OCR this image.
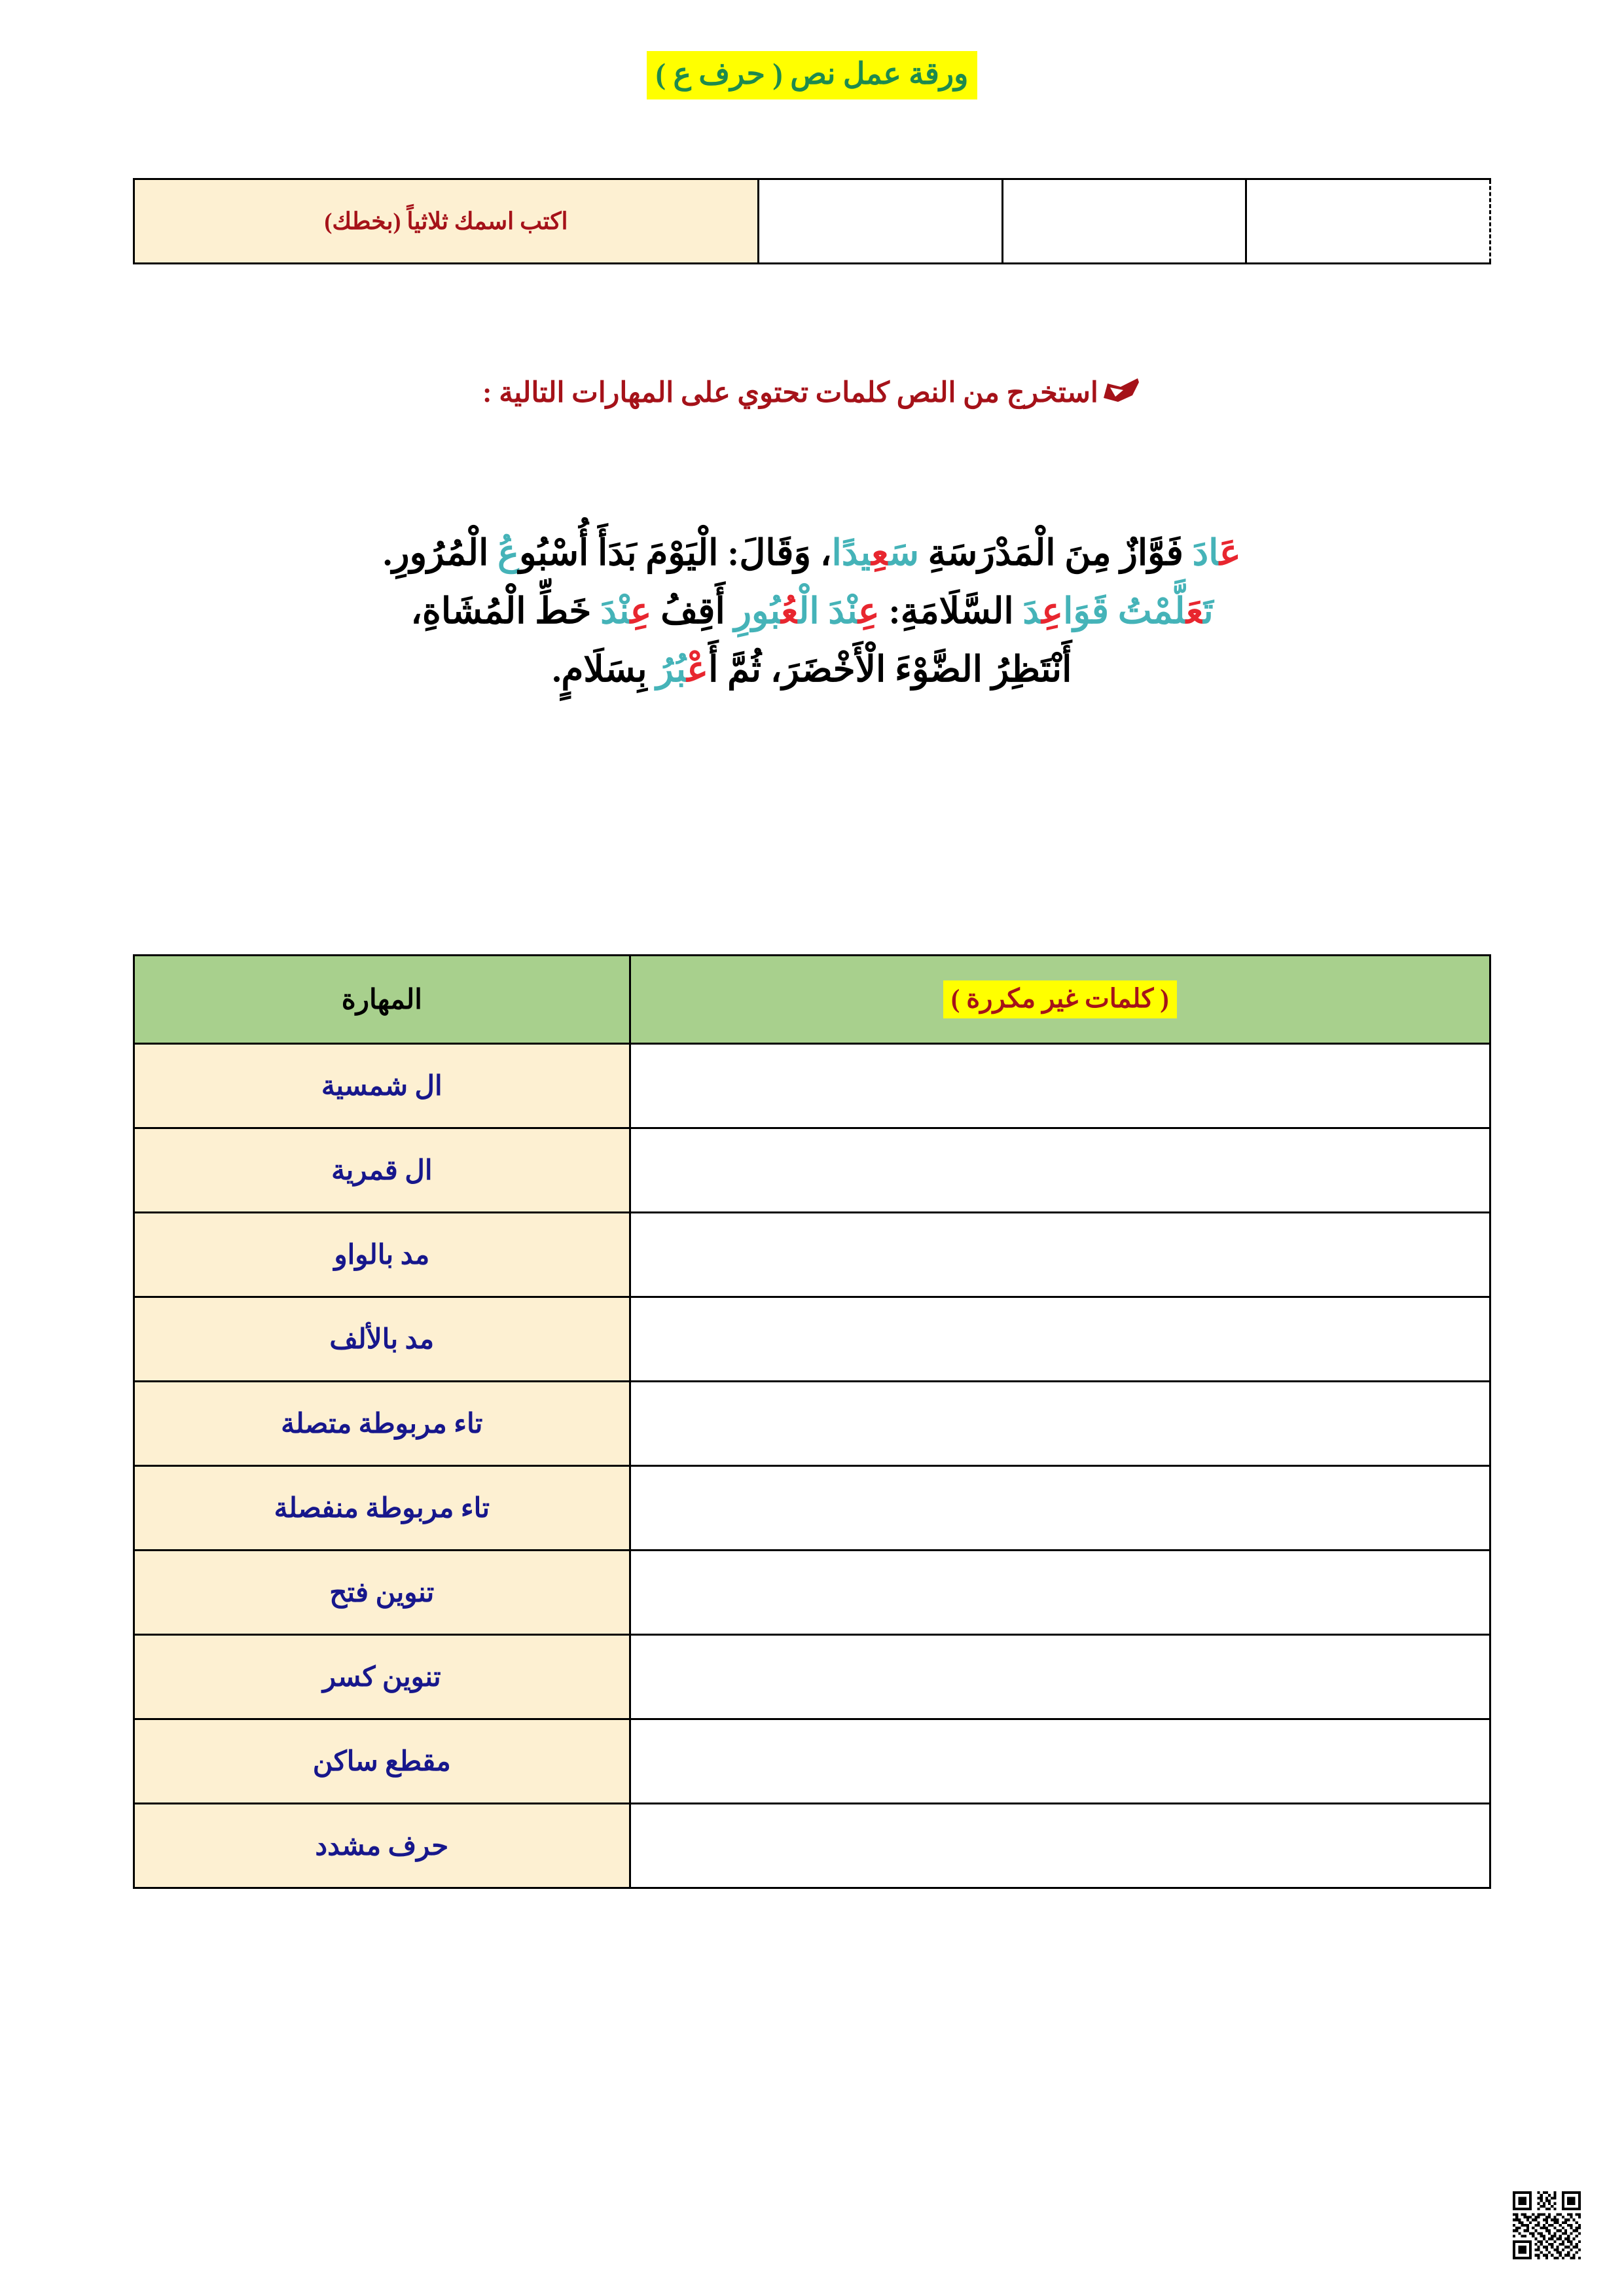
ورقة عمل نص ( حرف ع )
			اكتب اسمك ثلاثياً (بخطك)
استخرج من النص كلمات تحتوي على المهارات التالية :
عَادَ فَوَّازٌ مِنَ الْمَدْرَسَةِ سَعِيدًا، وَقَالَ: الْيَوْمَ بَدَأَ أُسْبُوعُ الْمُرُورِ.
تَعَلَّمْتُ قَوَاعِدَ السَّلَامَةِ: عِنْدَ الْعُبُورِ أَقِفُ عِنْدَ خَطِّ الْمُشَاةِ،
أَنْتَظِرُ الضَّوْءَ الْأَخْضَرَ، ثُمَّ أَعْبُرُ بِسَلَامٍ.
( كلمات غير مكررة )	المهارة
	ال شمسية
	ال قمرية
	مد بالواو
	مد بالألف
	تاء مربوطة متصلة
	تاء مربوطة منفصلة
	تنوين فتح
	تنوين كسر
	مقطع ساكن
	حرف مشدد
